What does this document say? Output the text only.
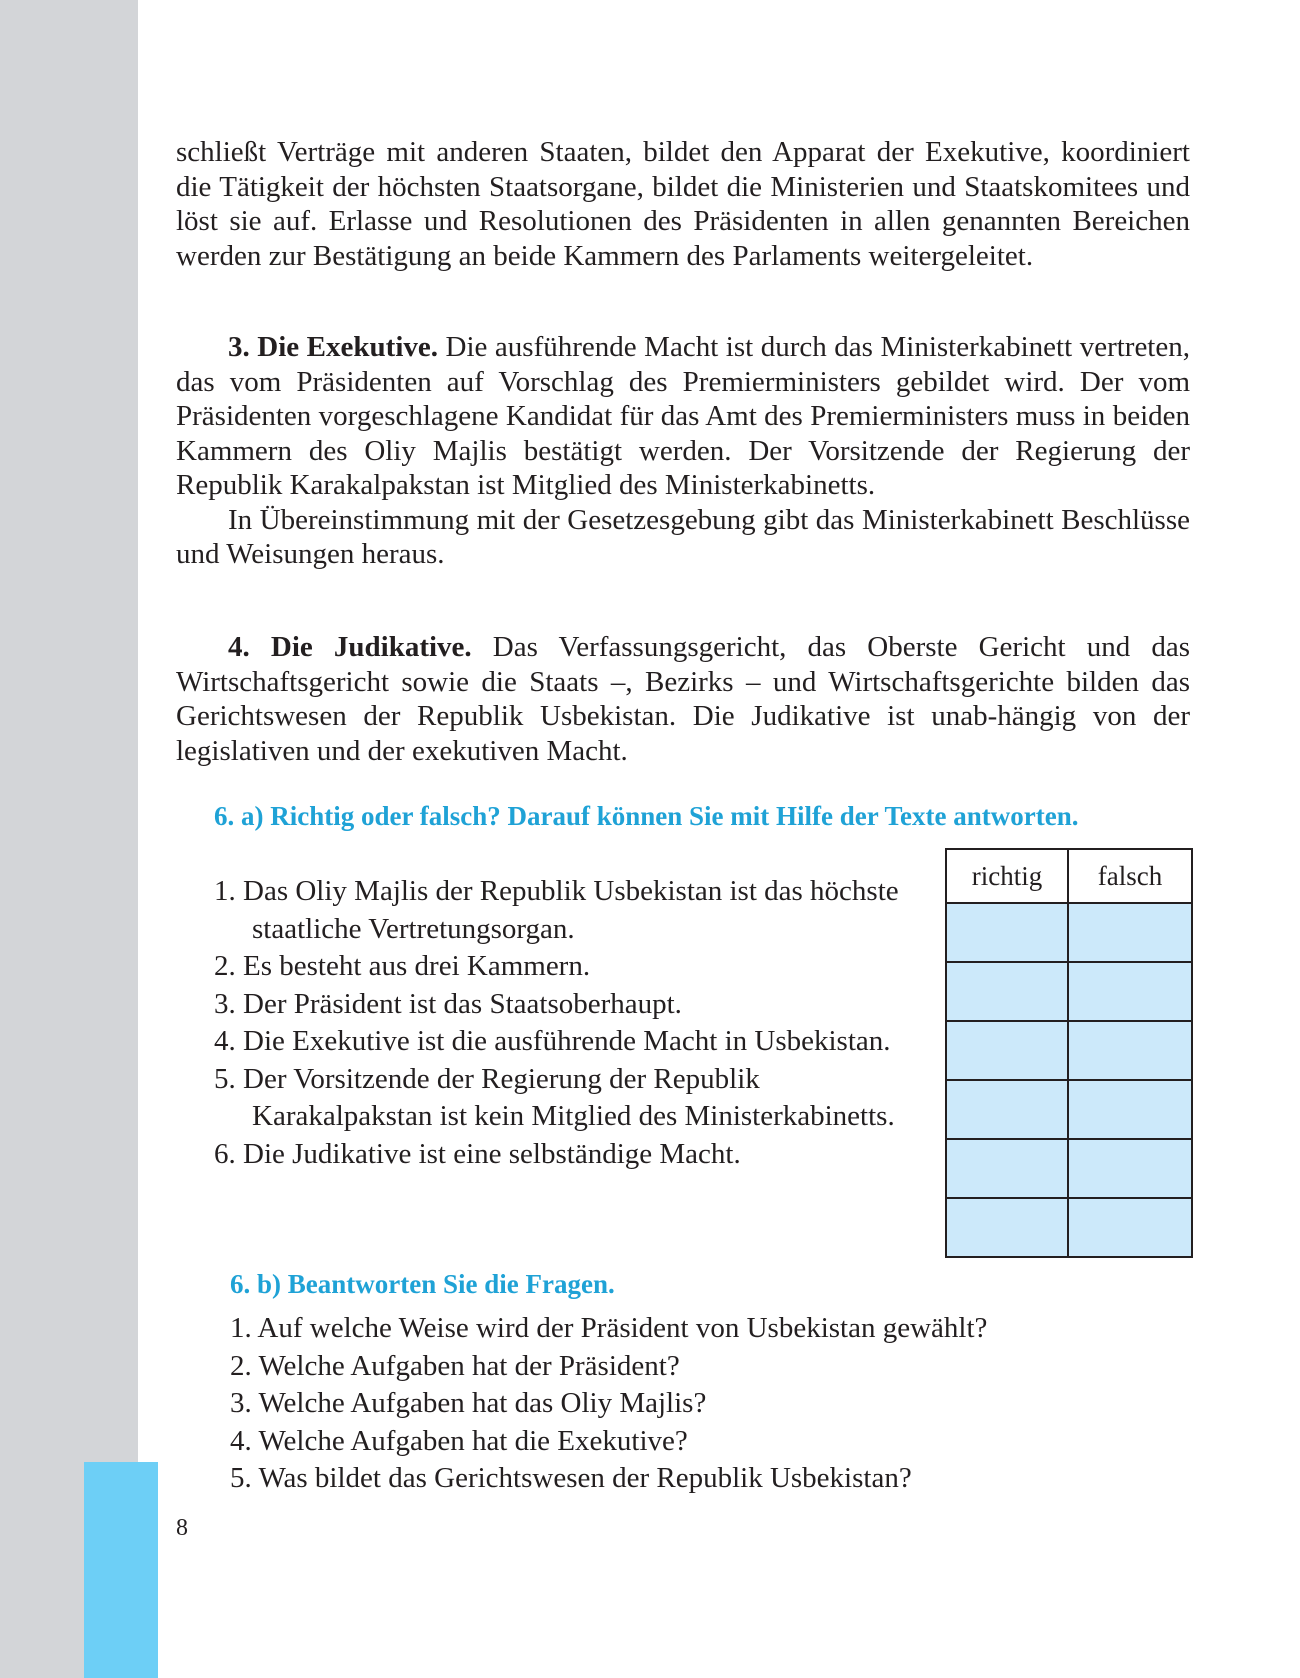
schließt Verträge mit anderen Staaten, bildet den Apparat der Exekutive, koordiniert die Tätigkeit der höchsten Staatsorgane, bildet die Ministerien und Staatskomitees und löst sie auf. Erlasse und Resolutionen des Präsidenten in allen genannten Bereichen werden zur Bestätigung an beide Kammern des Parlaments weitergeleitet.

3. Die Exekutive. Die ausführende Macht ist durch das Ministerkabinett vertreten, das vom Präsidenten auf Vorschlag des Premierministers gebildet wird. Der vom Präsidenten vorgeschlagene Kandidat für das Amt des Premierministers muss in beiden Kammern des Oliy Majlis bestätigt werden. Der Vorsitzende der Regierung der Republik Karakalpakstan ist Mitglied des Ministerkabinetts.

In Übereinstimmung mit der Gesetzesgebung gibt das Ministerkabinett Beschlüsse und Weisungen heraus.

4. Die Judikative. Das Verfassungsgericht, das Oberste Gericht und das Wirtschaftsgericht sowie die Staats –, Bezirks – und Wirtschaftsgerichte bilden das Gerichtswesen der Republik Usbekistan. Die Judikative ist unab-hängig von der legislativen und der exekutiven Macht.

6. a) Richtig oder falsch? Darauf können Sie mit Hilfe der Texte antworten.
1. Das Oliy Majlis der Republik Usbekistan ist das höchste staatliche Vertretungsorgan.
2. Es besteht aus drei Kammern.
3. Der Präsident ist das Staatsoberhaupt.
4. Die Exekutive ist die ausführende Macht in Usbekistan.
5. Der Vorsitzende der Regierung der Republik Karakalpakstan ist kein Mitglied des Ministerkabinetts.
6. Die Judikative ist eine selbständige Macht.
richtig	falsch

6. b) Beantworten Sie die Fragen.
1. Auf welche Weise wird der Präsident von Usbekistan gewählt?
2. Welche Aufgaben hat der Präsident?
3. Welche Aufgaben hat das Oliy Majlis?
4. Welche Aufgaben hat die Exekutive?
5. Was bildet das Gerichtswesen der Republik Usbekistan?
8
